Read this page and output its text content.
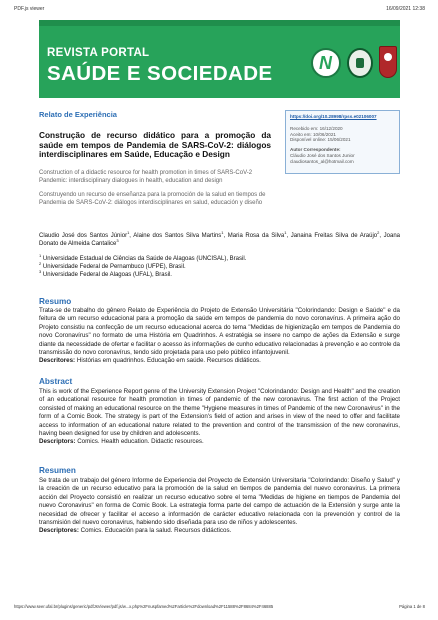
PDF.js viewer	16/09/2021 12:38
REVISTA PORTAL
SAÚDE E SOCIEDADE	N
Relato de Experiência
Construção de recurso didático para a promoção da saúde em tempos de Pandemia de SARS-CoV-2: diálogos interdisciplinares em Saúde, Educação e Design
Construction of a didactic resource for health promotion in times of SARS-CoV-2 Pandemic: interdisciplinary dialogues in health, education and design
Construyendo un recurso de enseñanza para la promoción de la salud en tiempos de Pandemia de SARS-CoV-2: diálogos interdisciplinares en salud, educación y diseño
https://doi.org/10.28998/rpss.e02106007
Recebido em: 16/12/2020
Aceito em: 10/06/2021
Disponível online: 15/06/2021
Autor Correspondente:
Cláudio José dos Santos Junior
claudiosantos_al@hotmail.com
Claudio José dos Santos Júnior$^1$, Alaine dos Santos Silva Martins$^1$, Maria Rosa da Silva$^1$, Janaina Freitas Silva de Araújo$^2$, Joana Donato de Almeida Cantalice$^3$
$^1$ Universidade Estadual de Ciências da Saúde de Alagoas (UNCISAL), Brasil.
$^2$ Universidade Federal de Pernambuco (UFPE), Brasil.
$^3$ Universidade Federal de Alagoas (UFAL), Brasil.
Resumo
Trata-se de trabalho do gênero Relato de Experiência do Projeto de Extensão Universitária "Colorindando: Design e Saúde" e da feitura de um recurso educacional para a promoção da saúde em tempos de pandemia do novo coronavírus. A primeira ação do Projeto consistiu na confecção de um recurso educacional acerca do tema "Medidas de higienização em tempos de Pandemia do novo Coronavírus" no formato de uma História em Quadrinhos. A estratégia se insere no campo de ações da Extensão e surge diante da necessidade de ofertar e facilitar o acesso às informações de cunho educativo relacionadas à prevenção e ao controle da transmissão do novo coronavírus, tendo sido projetada para uso pelo público infantojuvenil.
Descritores: Histórias em quadrinhos. Educação em saúde. Recursos didáticos.
Abstract
This is work of the Experience Report genre of the University Extension Project "Colorindando: Design and Health" and the creation of an educational resource for health promotion in times of pandemic of the new coronavirus. The first action of the Project consisted of making an educational resource on the theme "Hygiene measures in times of Pandemic of the new Coronavirus" in the form of a Comic Book. The strategy is part of the Extension's field of action and arises in view of the need to offer and facilitate access to information of an educational nature related to the prevention and control of the transmission of the new coronavirus, having been designed for use by children and adolescents.
Descriptors: Comics. Health education. Didactic resources.
Resumen
Se trata de un trabajo del género Informe de Experiencia del Proyecto de Extensión Universitaria "Colorindando: Diseño y Salud" y la creación de un recurso educativo para la promoción de la salud en tiempos de pandemia del nuevo coronavirus. La primera acción del Proyecto consistió en realizar un recurso educativo sobre el tema "Medidas de higiene en tiempos de Pandemia del nuevo Coronavirus" en forma de Comic Book. La estrategia forma parte del campo de actuación de la Extensión y surge ante la necesidad de ofrecer y facilitar el acceso a información de carácter educativo relacionada con la prevención y control de la transmisión del nuevo coronavirus, habiendo sido diseñada para uso de niños y adolescentes.
Descriptores: Comics. Educación para la salud. Recursos didácticos.
https://www.seer.ufal.br/plugins/generic/pdfJsViewer/pdf.js/w...x.php%2Fnuspfamed%2Farticle%2Fdownload%2F11588%2F8684%2F46885	Página 1 de 8
